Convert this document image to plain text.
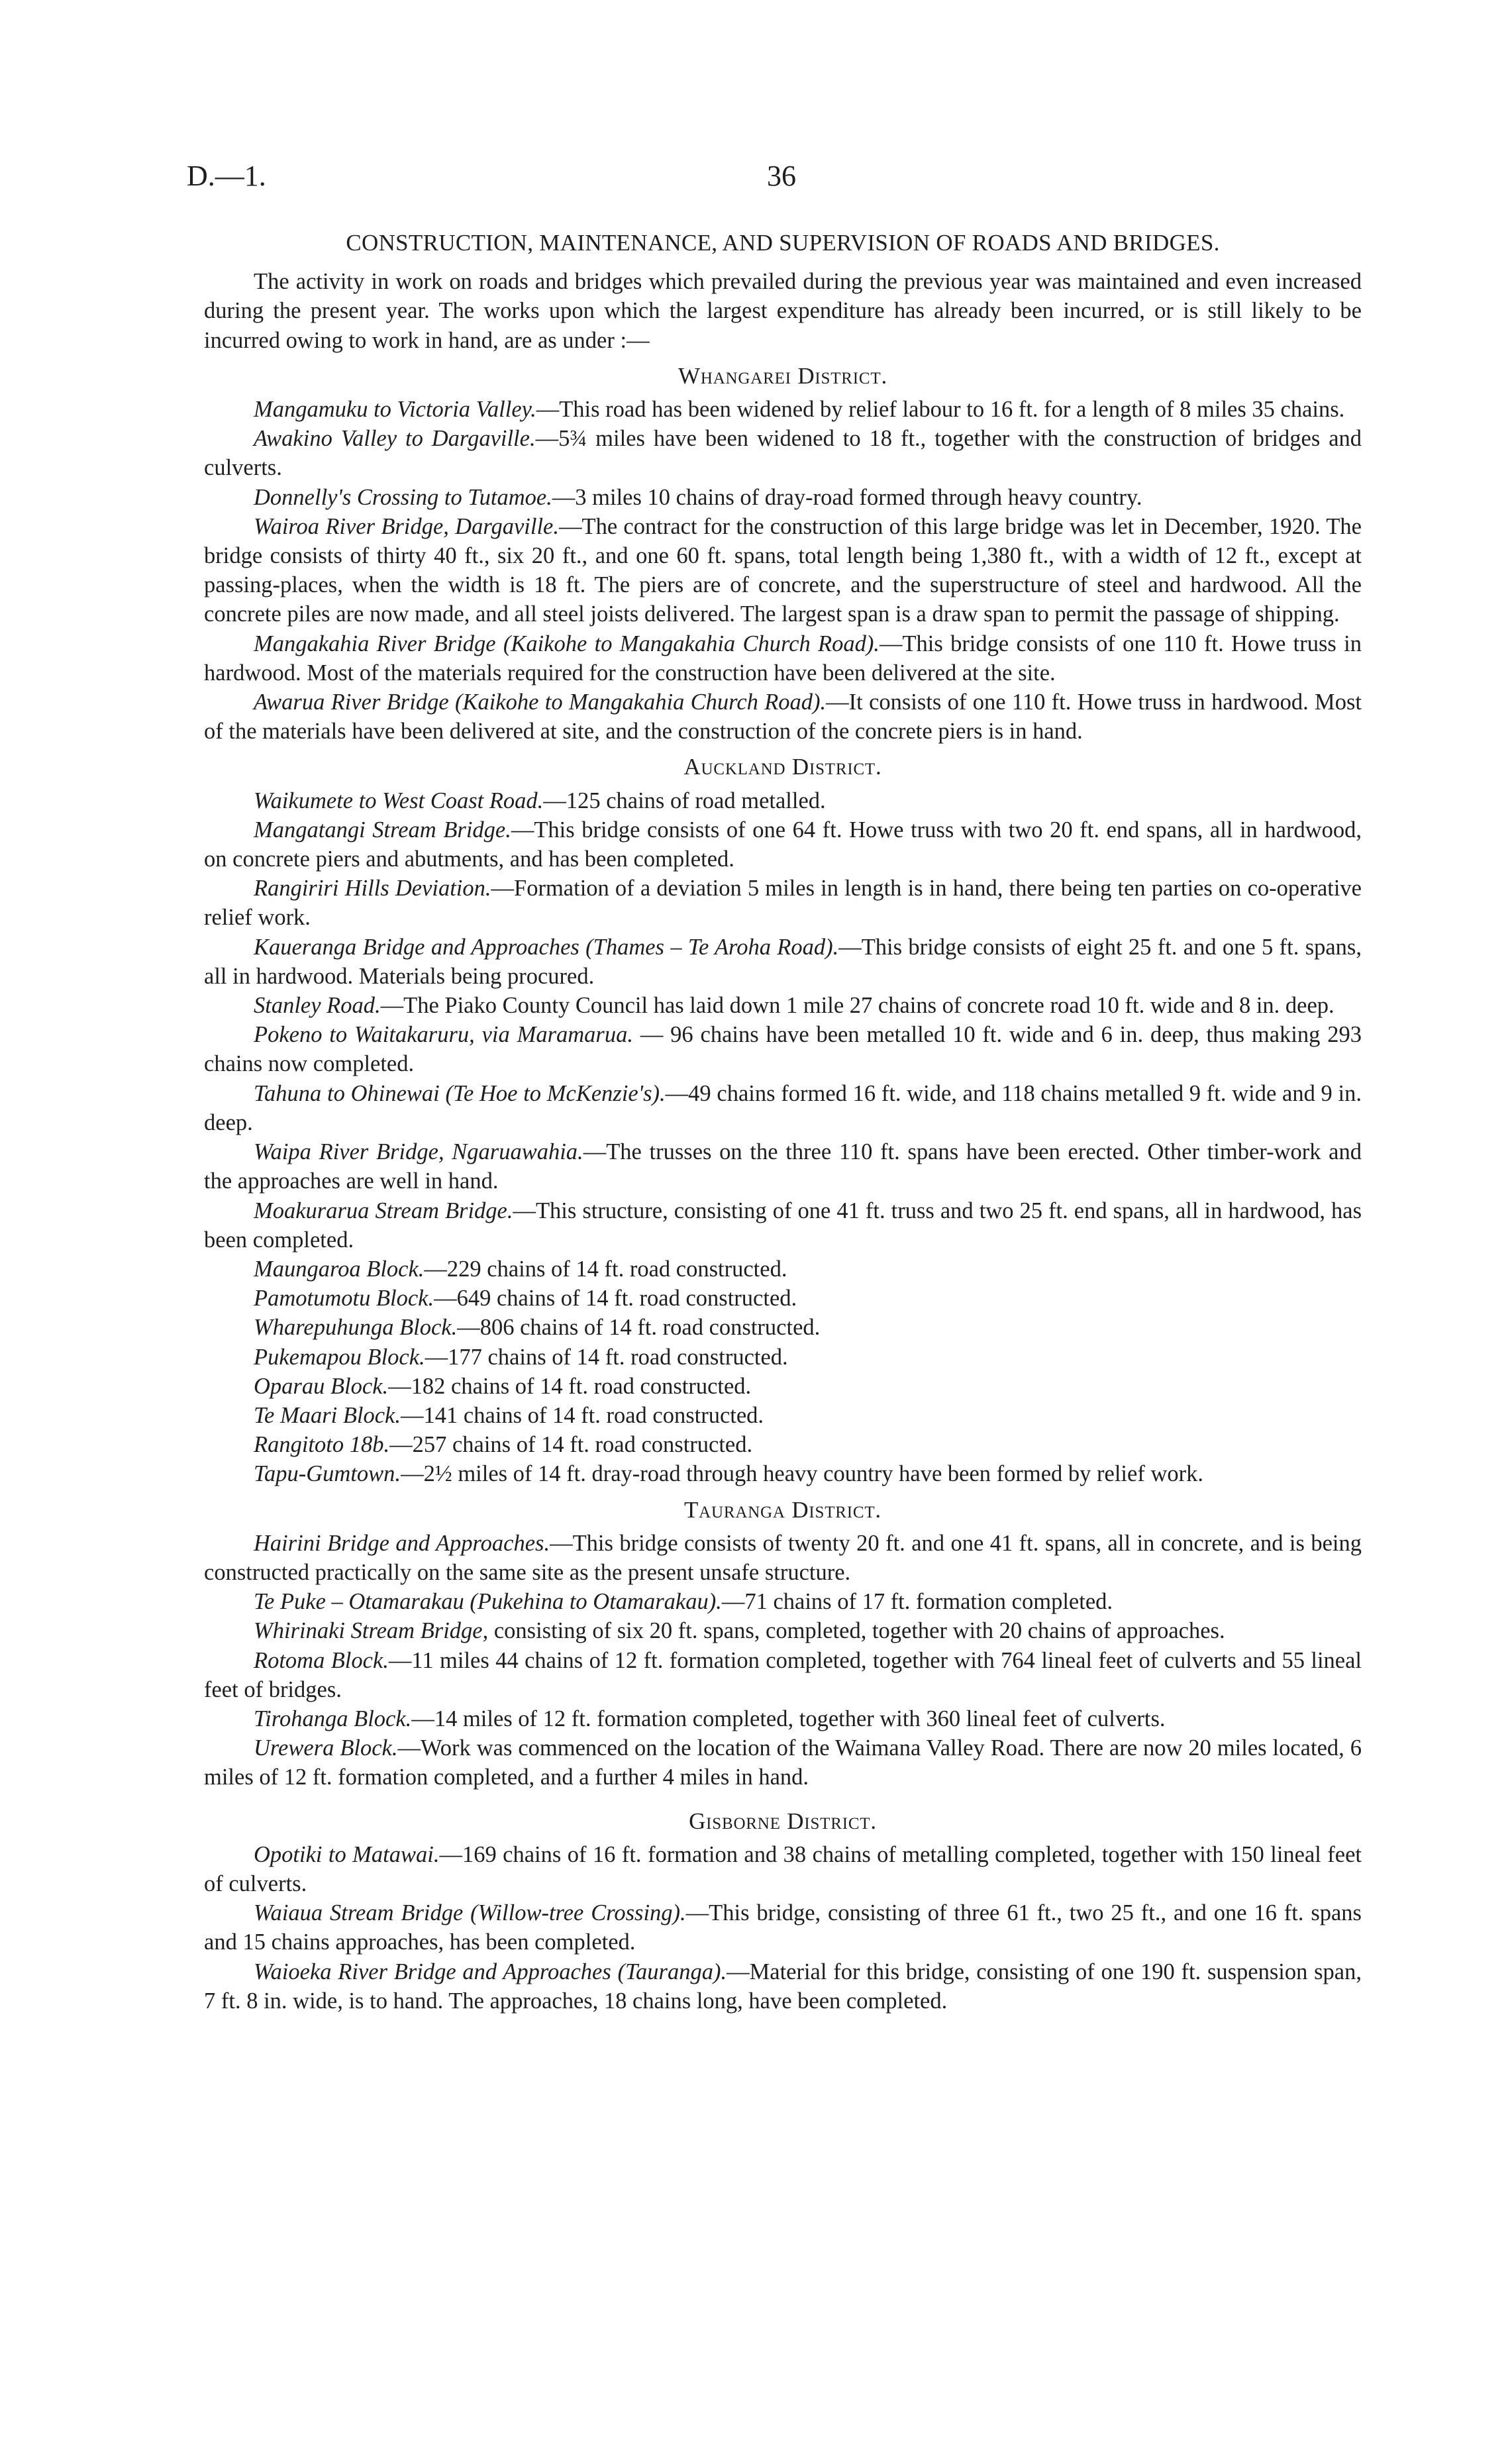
D.—1.	36

CONSTRUCTION, MAINTENANCE, AND SUPERVISION OF ROADS AND BRIDGES.

The activity in work on roads and bridges which prevailed during the previous year was maintained and even increased during the present year. The works upon which the largest expenditure has already been incurred, or is still likely to be incurred owing to work in hand, are as under :—

Whangarei District.

Mangamuku to Victoria Valley.—This road has been widened by relief labour to 16 ft. for a length of 8 miles 35 chains.

Awakino Valley to Dargaville.—5¾ miles have been widened to 18 ft., together with the construction of bridges and culverts.

Donnelly's Crossing to Tutamoe.—3 miles 10 chains of dray-road formed through heavy country.

Wairoa River Bridge, Dargaville.—The contract for the construction of this large bridge was let in December, 1920. The bridge consists of thirty 40 ft., six 20 ft., and one 60 ft. spans, total length being 1,380 ft., with a width of 12 ft., except at passing-places, when the width is 18 ft. The piers are of concrete, and the superstructure of steel and hardwood. All the concrete piles are now made, and all steel joists delivered. The largest span is a draw span to permit the passage of shipping.

Mangakahia River Bridge (Kaikohe to Mangakahia Church Road).—This bridge consists of one 110 ft. Howe truss in hardwood. Most of the materials required for the construction have been delivered at the site.

Awarua River Bridge (Kaikohe to Mangakahia Church Road).—It consists of one 110 ft. Howe truss in hardwood. Most of the materials have been delivered at site, and the construction of the concrete piers is in hand.

Auckland District.

Waikumete to West Coast Road.—125 chains of road metalled.

Mangatangi Stream Bridge.—This bridge consists of one 64 ft. Howe truss with two 20 ft. end spans, all in hardwood, on concrete piers and abutments, and has been completed.

Rangiriri Hills Deviation.—Formation of a deviation 5 miles in length is in hand, there being ten parties on co-operative relief work.

Kaueranga Bridge and Approaches (Thames – Te Aroha Road).—This bridge consists of eight 25 ft. and one 5 ft. spans, all in hardwood. Materials being procured.

Stanley Road.—The Piako County Council has laid down 1 mile 27 chains of concrete road 10 ft. wide and 8 in. deep.

Pokeno to Waitakaruru, via Maramarua. — 96 chains have been metalled 10 ft. wide and 6 in. deep, thus making 293 chains now completed.

Tahuna to Ohinewai (Te Hoe to McKenzie's).—49 chains formed 16 ft. wide, and 118 chains metalled 9 ft. wide and 9 in. deep.

Waipa River Bridge, Ngaruawahia.—The trusses on the three 110 ft. spans have been erected. Other timber-work and the approaches are well in hand.

Moakurarua Stream Bridge.—This structure, consisting of one 41 ft. truss and two 25 ft. end spans, all in hardwood, has been completed.

Maungaroa Block.—229 chains of 14 ft. road constructed.

Pamotumotu Block.—649 chains of 14 ft. road constructed.

Wharepuhunga Block.—806 chains of 14 ft. road constructed.

Pukemapou Block.—177 chains of 14 ft. road constructed.

Oparau Block.—182 chains of 14 ft. road constructed.

Te Maari Block.—141 chains of 14 ft. road constructed.

Rangitoto 18b.—257 chains of 14 ft. road constructed.

Tapu-Gumtown.—2½ miles of 14 ft. dray-road through heavy country have been formed by relief work.

Tauranga District.

Hairini Bridge and Approaches.—This bridge consists of twenty 20 ft. and one 41 ft. spans, all in concrete, and is being constructed practically on the same site as the present unsafe structure.

Te Puke – Otamarakau (Pukehina to Otamarakau).—71 chains of 17 ft. formation completed.

Whirinaki Stream Bridge, consisting of six 20 ft. spans, completed, together with 20 chains of approaches.

Rotoma Block.—11 miles 44 chains of 12 ft. formation completed, together with 764 lineal feet of culverts and 55 lineal feet of bridges.

Tirohanga Block.—14 miles of 12 ft. formation completed, together with 360 lineal feet of culverts.

Urewera Block.—Work was commenced on the location of the Waimana Valley Road. There are now 20 miles located, 6 miles of 12 ft. formation completed, and a further 4 miles in hand.

Gisborne District.

Opotiki to Matawai.—169 chains of 16 ft. formation and 38 chains of metalling completed, together with 150 lineal feet of culverts.

Waiaua Stream Bridge (Willow-tree Crossing).—This bridge, consisting of three 61 ft., two 25 ft., and one 16 ft. spans and 15 chains approaches, has been completed.

Waioeka River Bridge and Approaches (Tauranga).—Material for this bridge, consisting of one 190 ft. suspension span, 7 ft. 8 in. wide, is to hand. The approaches, 18 chains long, have been completed.
